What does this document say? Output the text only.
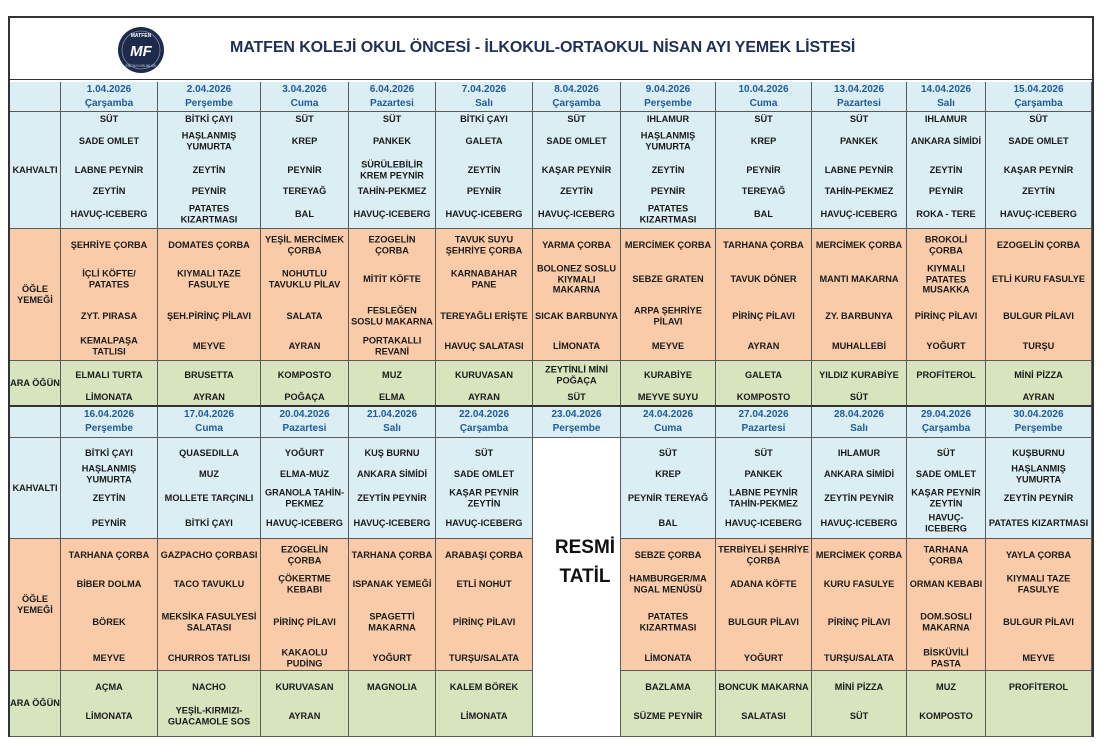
MATFEN
MF
EĞİTİM KURUMLARI
MATFEN KOLEJİ OKUL ÖNCESİ - İLKOKUL-ORTAOKUL NİSAN AYI YEMEK LİSTESİ
KAHVALTI
ÖĞLE YEMEĞİ
ARA ÖĞÜN
KAHVALTI
ÖĞLE YEMEĞİ
ARA ÖĞÜN
1.04.2026
Çarşamba
SÜT
SADE OMLET
LABNE PEYNİR
ZEYTİN
HAVUÇ-ICEBERG
ŞEHRİYE ÇORBA
İÇLİ KÖFTE/ PATATES
ZYT. PIRASA
KEMALPAŞA TATLISI
ELMALI TURTA
LİMONATA
2.04.2026
Perşembe
BİTKİ ÇAYI
HAŞLANMIŞ YUMURTA
ZEYTİN
PEYNİR
PATATES KIZARTMASI
DOMATES ÇORBA
KIYMALI TAZE FASULYE
ŞEH.PİRİNÇ PİLAVI
MEYVE
BRUSETTA
AYRAN
3.04.2026
Cuma
SÜT
KREP
PEYNİR
TEREYAĞ
BAL
YEŞİL MERCİMEK ÇORBA
NOHUTLU TAVUKLU PİLAV
SALATA
AYRAN
KOMPOSTO
POĞAÇA
6.04.2026
Pazartesi
SÜT
PANKEK
SÜRÜLEBİLİR KREM PEYNİR
TAHİN-PEKMEZ
HAVUÇ-ICEBERG
EZOGELİN ÇORBA
MİTİT KÖFTE
FESLEĞEN SOSLU MAKARNA
PORTAKALLI REVANİ
MUZ
ELMA
7.04.2026
Salı
BİTKİ ÇAYI
GALETA
ZEYTİN
PEYNİR
HAVUÇ-ICEBERG
TAVUK SUYU ŞEHRİYE ÇORBA
KARNABAHAR PANE
TEREYAĞLI ERİŞTE
HAVUÇ SALATASI
KURUVASAN
AYRAN
8.04.2026
Çarşamba
SÜT
SADE OMLET
KAŞAR PEYNİR
ZEYTİN
HAVUÇ-ICEBERG
YARMA ÇORBA
BOLONEZ SOSLU KIYMALI MAKARNA
SICAK BARBUNYA
LİMONATA
ZEYTİNLİ MİNİ POĞAÇA
SÜT
9.04.2026
Perşembe
IHLAMUR
HAŞLANMIŞ YUMURTA
ZEYTİN
PEYNİR
PATATES KIZARTMASI
MERCİMEK ÇORBA
SEBZE GRATEN
ARPA ŞEHRİYE PİLAVI
MEYVE
KURABİYE
MEYVE SUYU
10.04.2026
Cuma
SÜT
KREP
PEYNİR
TEREYAĞ
BAL
TARHANA ÇORBA
TAVUK DÖNER
PİRİNÇ PİLAVI
AYRAN
GALETA
KOMPOSTO
13.04.2026
Pazartesi
SÜT
PANKEK
LABNE PEYNİR
TAHİN-PEKMEZ
HAVUÇ-ICEBERG
MERCİMEK ÇORBA
MANTI MAKARNA
ZY. BARBUNYA
MUHALLEBİ
YILDIZ KURABİYE
SÜT
14.04.2026
Salı
IHLAMUR
ANKARA SİMİDİ
ZEYTİN
PEYNİR
ROKA - TERE
BROKOLİ ÇORBA
KIYMALI PATATES MUSAKKA
PİRİNÇ PİLAVI
YOĞURT
PROFİTEROL
15.04.2026
Çarşamba
SÜT
SADE OMLET
KAŞAR PEYNİR
ZEYTİN
HAVUÇ-ICEBERG
EZOGELİN ÇORBA
ETLİ KURU FASULYE
BULGUR PİLAVI
TURŞU
MİNİ PİZZA
AYRAN
16.04.2026
Perşembe
BİTKİ ÇAYI
HAŞLANMIŞ YUMURTA
ZEYTİN
PEYNİR
TARHANA ÇORBA
BİBER DOLMA
BÖREK
MEYVE
AÇMA
LİMONATA
17.04.2026
Cuma
QUASEDILLA
MUZ
MOLLETE TARÇINLI
BİTKİ ÇAYI
GAZPACHO ÇORBASI
TACO TAVUKLU
MEKSİKA FASULYESİ SALATASI
CHURROS TATLISI
NACHO
YEŞİL-KIRMIZI-GUACAMOLE SOS
20.04.2026
Pazartesi
YOĞURT
ELMA-MUZ
GRANOLA TAHİN-PEKMEZ
HAVUÇ-ICEBERG
EZOGELİN ÇORBA
ÇÖKERTME KEBABI
PİRİNÇ PİLAVI
KAKAOLU PUDİNG
KURUVASAN
AYRAN
21.04.2026
Salı
KUŞ BURNU
ANKARA SİMİDİ
ZEYTİN PEYNİR
HAVUÇ-ICEBERG
TARHANA ÇORBA
ISPANAK YEMEĞİ
SPAGETTİ MAKARNA
YOĞURT
MAGNOLIA
22.04.2026
Çarşamba
SÜT
SADE OMLET
KAŞAR PEYNİR ZEYTİN
HAVUÇ-ICEBERG
ARABAŞI ÇORBA
ETLİ NOHUT
PİRİNÇ PİLAVI
TURŞU/SALATA
KALEM BÖREK
LİMONATA
23.04.2026
Perşembe
24.04.2026
Cuma
SÜT
KREP
PEYNİR TEREYAĞ
BAL
SEBZE ÇORBA
HAMBURGER/MA NGAL MENÜSÜ
PATATES KIZARTMASI
LİMONATA
BAZLAMA
SÜZME PEYNİR
27.04.2026
Pazartesi
SÜT
PANKEK
LABNE PEYNİR TAHİN-PEKMEZ
HAVUÇ-ICEBERG
TERBİYELİ ŞEHRİYE ÇORBA
ADANA KÖFTE
BULGUR PİLAVI
YOĞURT
BONCUK MAKARNA
SALATASI
28.04.2026
Salı
IHLAMUR
ANKARA SİMİDİ
ZEYTİN PEYNİR
HAVUÇ-ICEBERG
MERCİMEK ÇORBA
KURU FASULYE
PİRİNÇ PİLAVI
TURŞU/SALATA
MİNİ PİZZA
SÜT
29.04.2026
Çarşamba
SÜT
SADE OMLET
KAŞAR PEYNİR ZEYTİN
HAVUÇ-ICEBERG
TARHANA ÇORBA
ORMAN KEBABI
DOM.SOSLI MAKARNA
BİSKÜVİLİ PASTA
MUZ
KOMPOSTO
30.04.2026
Perşembe
KUŞBURNU
HAŞLANMIŞ YUMURTA
ZEYTİN PEYNİR
PATATES KIZARTMASI
YAYLA ÇORBA
KIYMALI TAZE FASULYE
BULGUR PİLAVI
MEYVE
PROFİTEROL
RESMİ
TATİL
